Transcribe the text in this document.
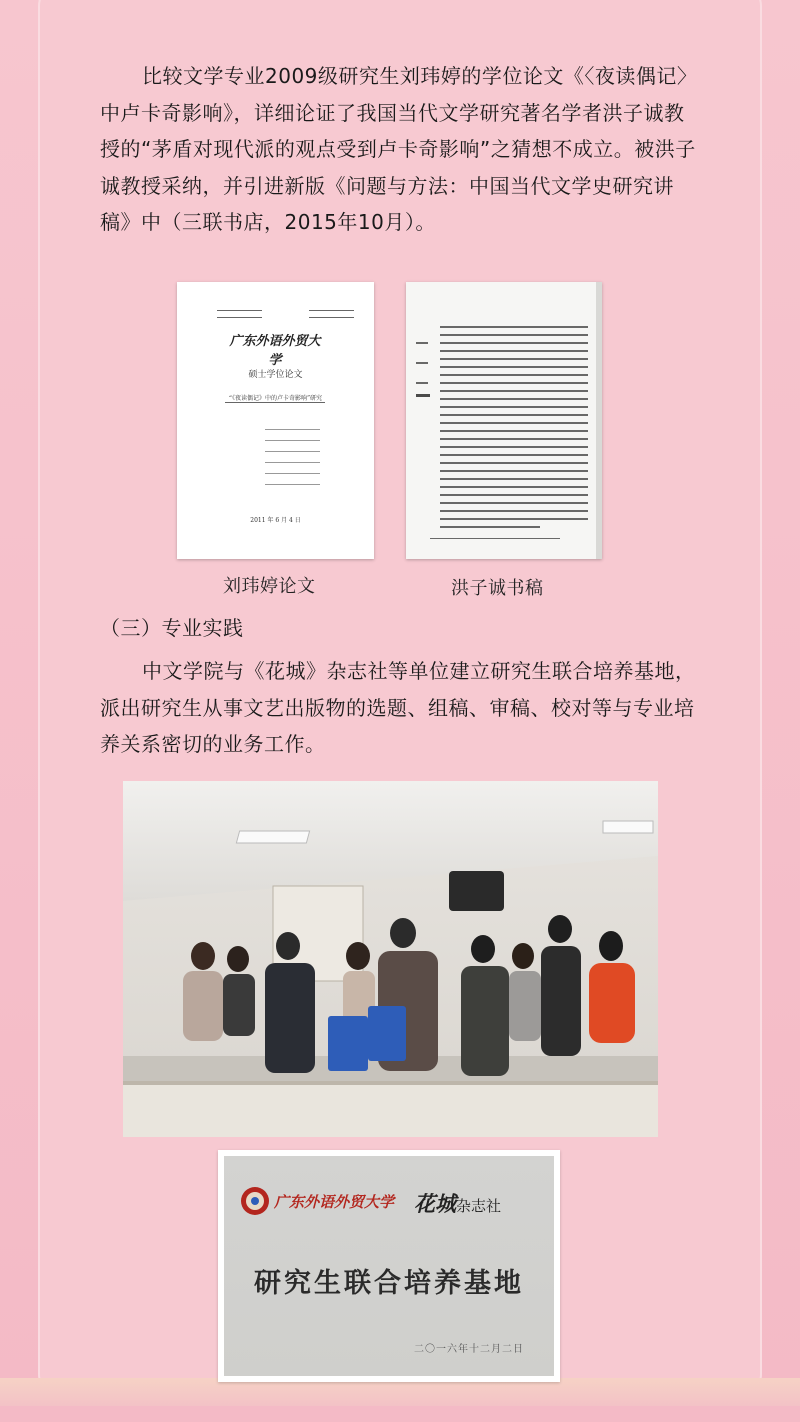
比较文学专业2009级研究生刘玮婷的学位论文《〈夜读偶记〉中卢卡奇影响》，详细论证了我国当代文学研究著名学者洪子诚教授的“茅盾对现代派的观点受到卢卡奇影响”之猜想不成立。被洪子诚教授采纳，并引进新版《问题与方法：中国当代文学史研究讲稿》中（三联书店，2015年10月）。

广东外语外贸大学
硕士学位论文
“《夜读偶记》中的卢卡奇影响”研究
2011 年 6 月 4 日
刘玮婷论文	洪子诚书稿

（三）专业实践

中文学院与《花城》杂志社等单位建立研究生联合培养基地，派出研究生从事文艺出版物的选题、组稿、审稿、校对等与专业培养关系密切的业务工作。

广东外语外贸大学 花城杂志社
研究生联合培养基地
二〇一六年十二月二日
